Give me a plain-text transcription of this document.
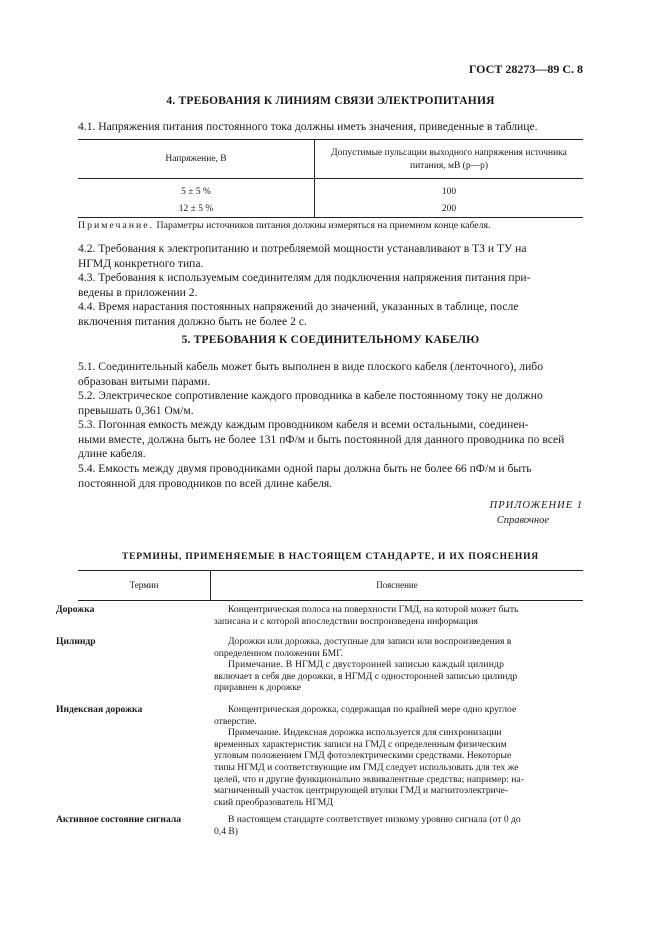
ГОСТ 28273—89 С. 8
4. ТРЕБОВАНИЯ К ЛИНИЯМ СВЯЗИ ЭЛЕКТРОПИТАНИЯ
4.1. Напряжения питания постоянного тока должны иметь значения, приведенные в таблице.
Напряжение, В	Допустимые пульсации выходного напряжения источника
питания, мВ (p—p)

5 ± 5 %	100
12 ± 5 %	200
Примечание. Параметры источников питания должны измеряться на приемном конце кабеля.
4.2. Требования к электропитанию и потребляемой мощности устанавливают в ТЗ и ТУ на
НГМД конкретного типа.
4.3. Требования к используемым соединителям для подключения напряжения питания при-
ведены в приложении 2.
4.4. Время нарастания постоянных напряжений до значений, указанных в таблице, после
включения питания должно быть не более 2 с.
5. ТРЕБОВАНИЯ К СОЕДИНИТЕЛЬНОМУ КАБЕЛЮ
5.1. Соединительный кабель может быть выполнен в виде плоского кабеля (ленточного), либо
образован витыми парами.
5.2. Электрическое сопротивление каждого проводника в кабеле постоянному току не должно
превышать 0,361 Ом/м.
5.3. Погонная емкость между каждым проводником кабеля и всеми остальными, соединен-
ными вместе, должна быть не более 131 пФ/м и быть постоянной для данного проводника по всей
длине кабеля.
5.4. Емкость между двумя проводниками одной пары должна быть не более 66 пФ/м и быть
постоянной для проводников по всей длине кабеля.
ПРИЛОЖЕНИЕ 1
Справочное
ТЕРМИНЫ, ПРИМЕНЯЕМЫЕ В НАСТОЯЩЕМ СТАНДАРТЕ, И ИХ ПОЯСНЕНИЯ
Термин	Пояснение
Дорожка	Концентрическая полоса на поверхности ГМД, на которой может быть
записана и с которой впоследствии воспроизведена информация
Цилиндр	Дорожки или дорожка, доступные для записи или воспроизведения в
определенном положении БМГ.
Примечание. В НГМД с двусторонней записью каждый цилиндр
включает в себя две дорожки, в НГМД с односторонней записью цилиндр
приравнен к дорожке
Индексная дорожка	Концентрическая дорожка, содержащая по крайней мере одно круглое
отверстие.
Примечание. Индексная дорожка используется для синхронизации
временных характеристик записи на ГМД с определенным физическим
угловым положением ГМД фотоэлектрическими средствами. Некоторые
типы НГМД и соответствующие им ГМД следует использовать для тех же
целей, что и другие функционально эквивалентные средства; например: на-
магниченный участок центрирующей втулки ГМД и магнитоэлектриче-
ский преобразователь НГМД
Активное состояние сигнала	В настоящем стандарте соответствует низкому уровню сигнала (от 0 до
0,4 В)
